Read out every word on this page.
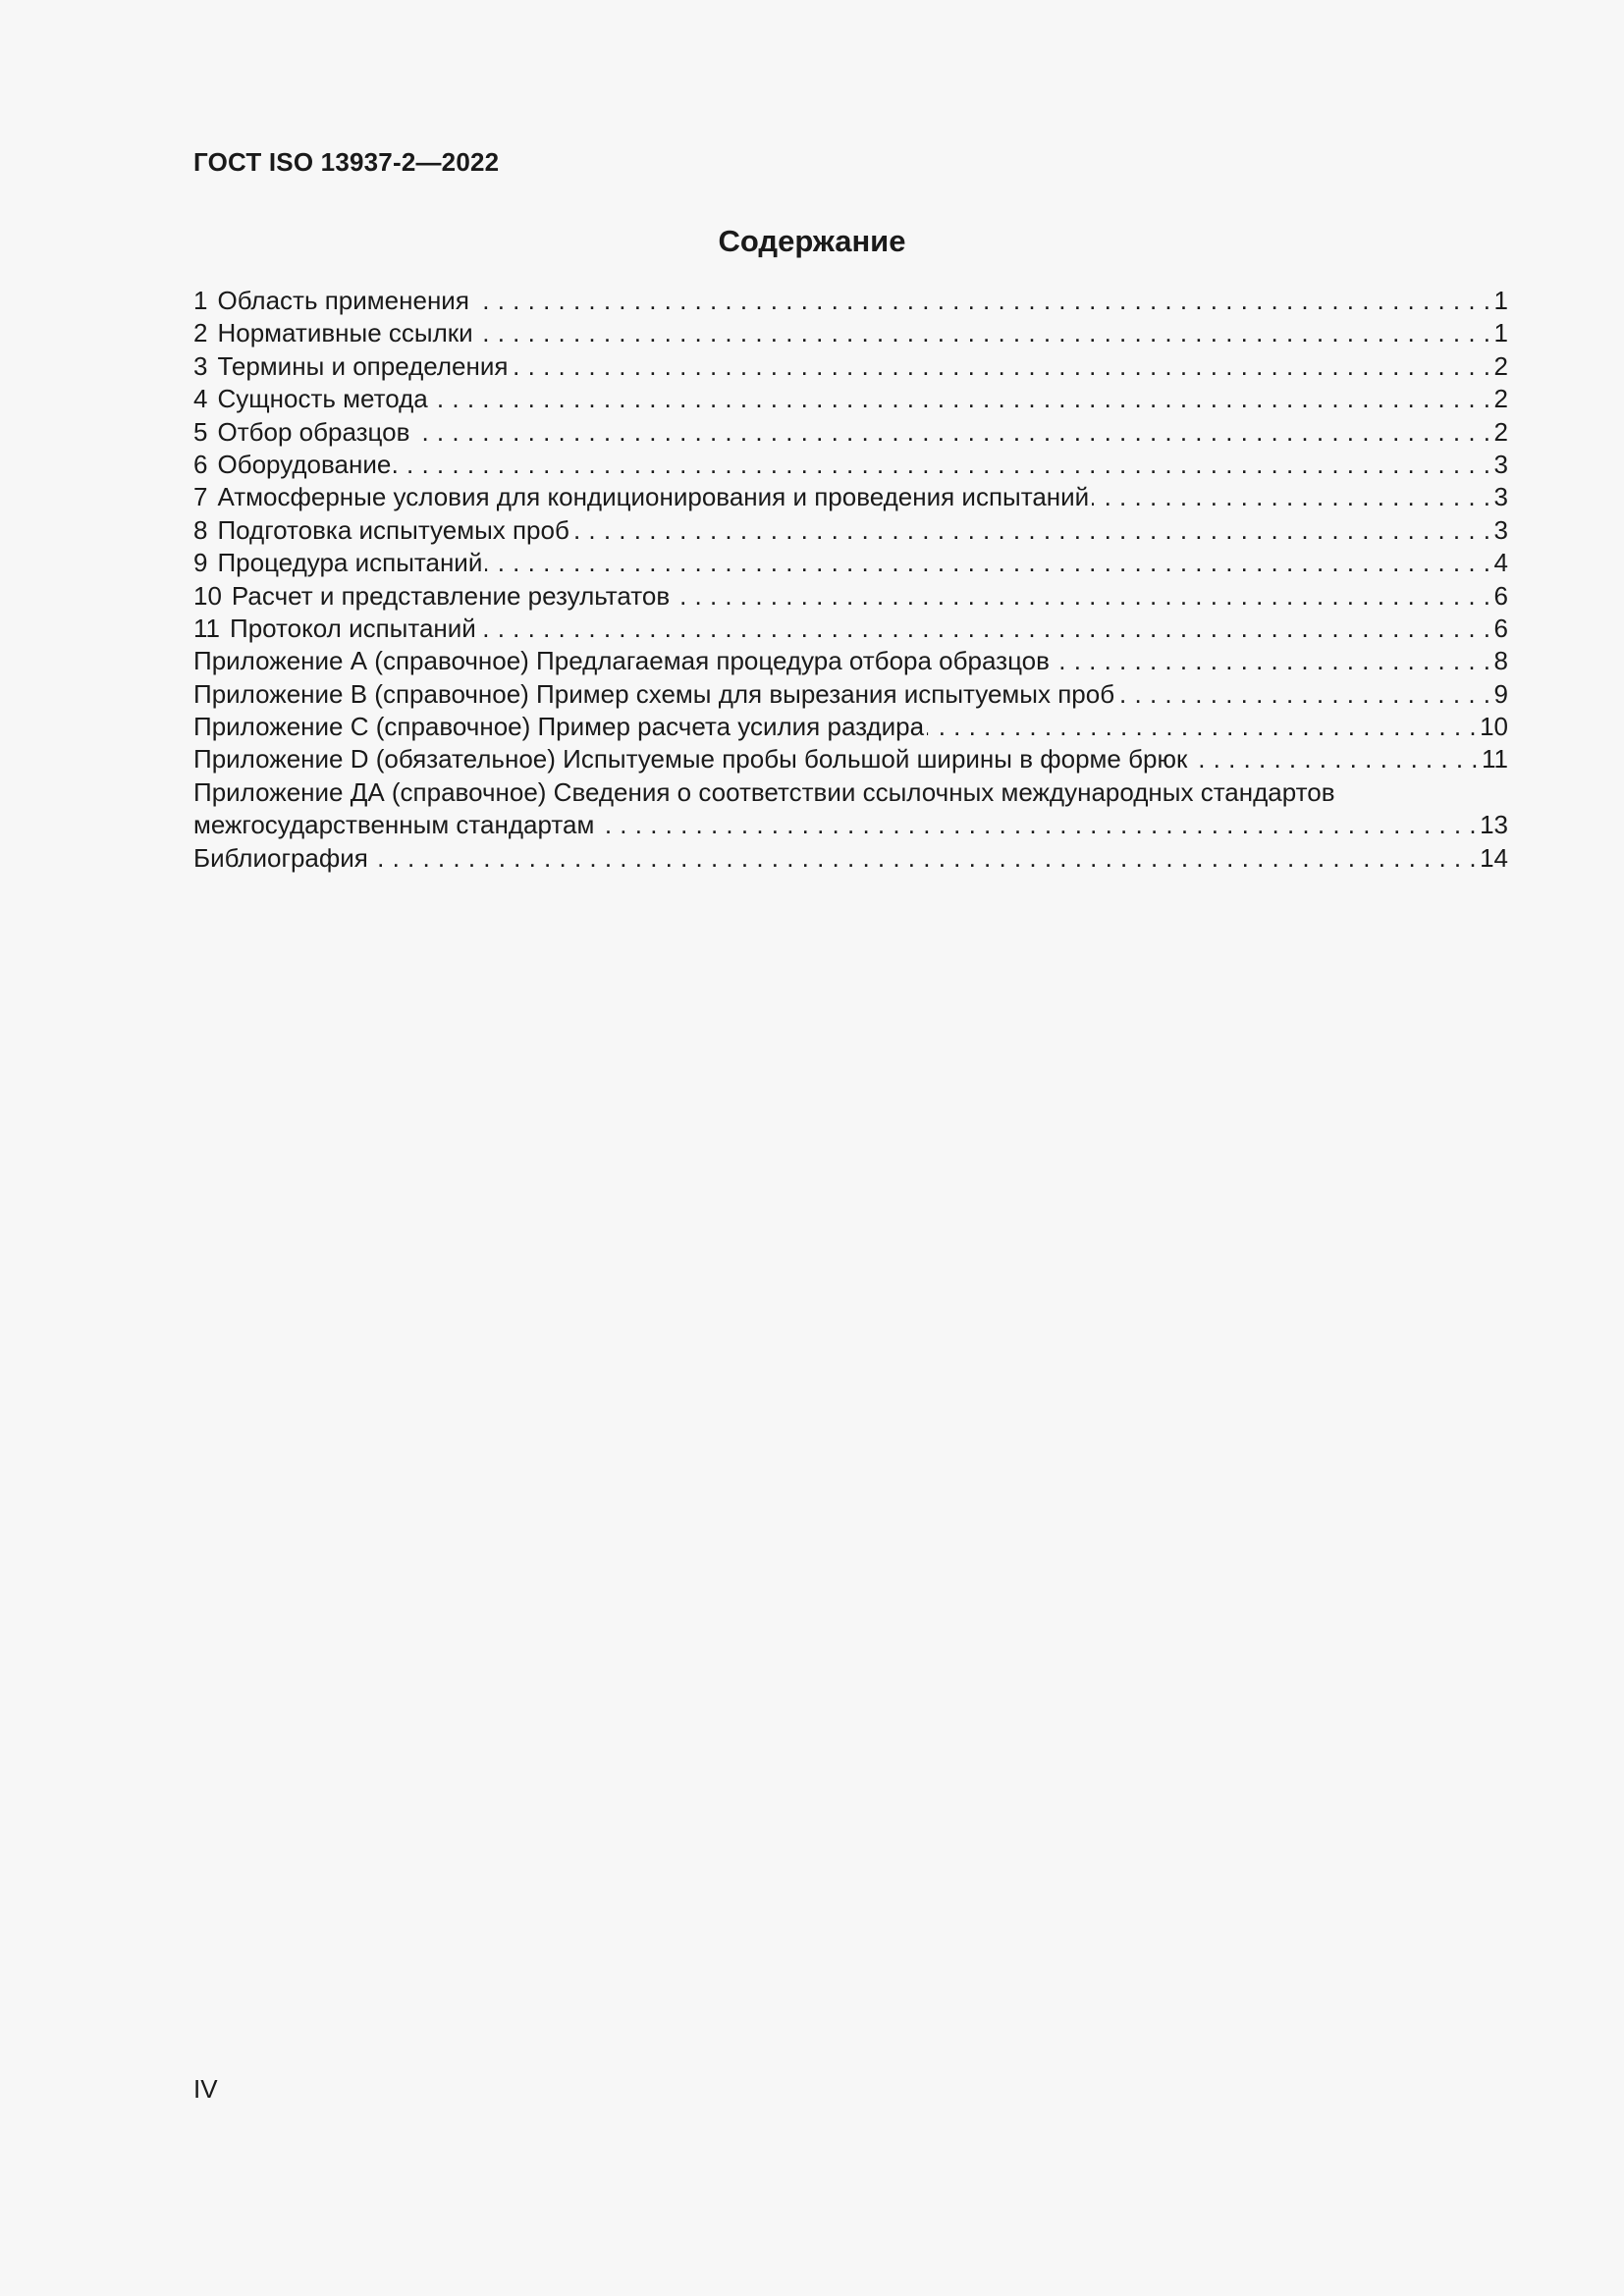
ГОСТ ISO 13937-2—2022
Содержание
1 Область применения . . .	1
2 Нормативные ссылки . . .	1
3 Термины и определения . . .	2
4 Сущность метода . . .	2
5 Отбор образцов . . .	2
6 Оборудование . . .	3
7 Атмосферные условия для кондиционирования и проведения испытаний . . .	3
8 Подготовка испытуемых проб . . .	3
9 Процедура испытаний . . .	4
10 Расчет и представление результатов . . .	6
11 Протокол испытаний . . .	6
Приложение А (справочное) Предлагаемая процедура отбора образцов . . .	8
Приложение В (справочное) Пример схемы для вырезания испытуемых проб . . .	9
Приложение С (справочное) Пример расчета усилия раздира . . .	10
Приложение D (обязательное) Испытуемые пробы большой ширины в форме брюк . . .	11
Приложение ДА (справочное) Сведения о соответствии ссылочных международных стандартов
межгосударственным стандартам . . .	13
Библиография . . .	14
IV
